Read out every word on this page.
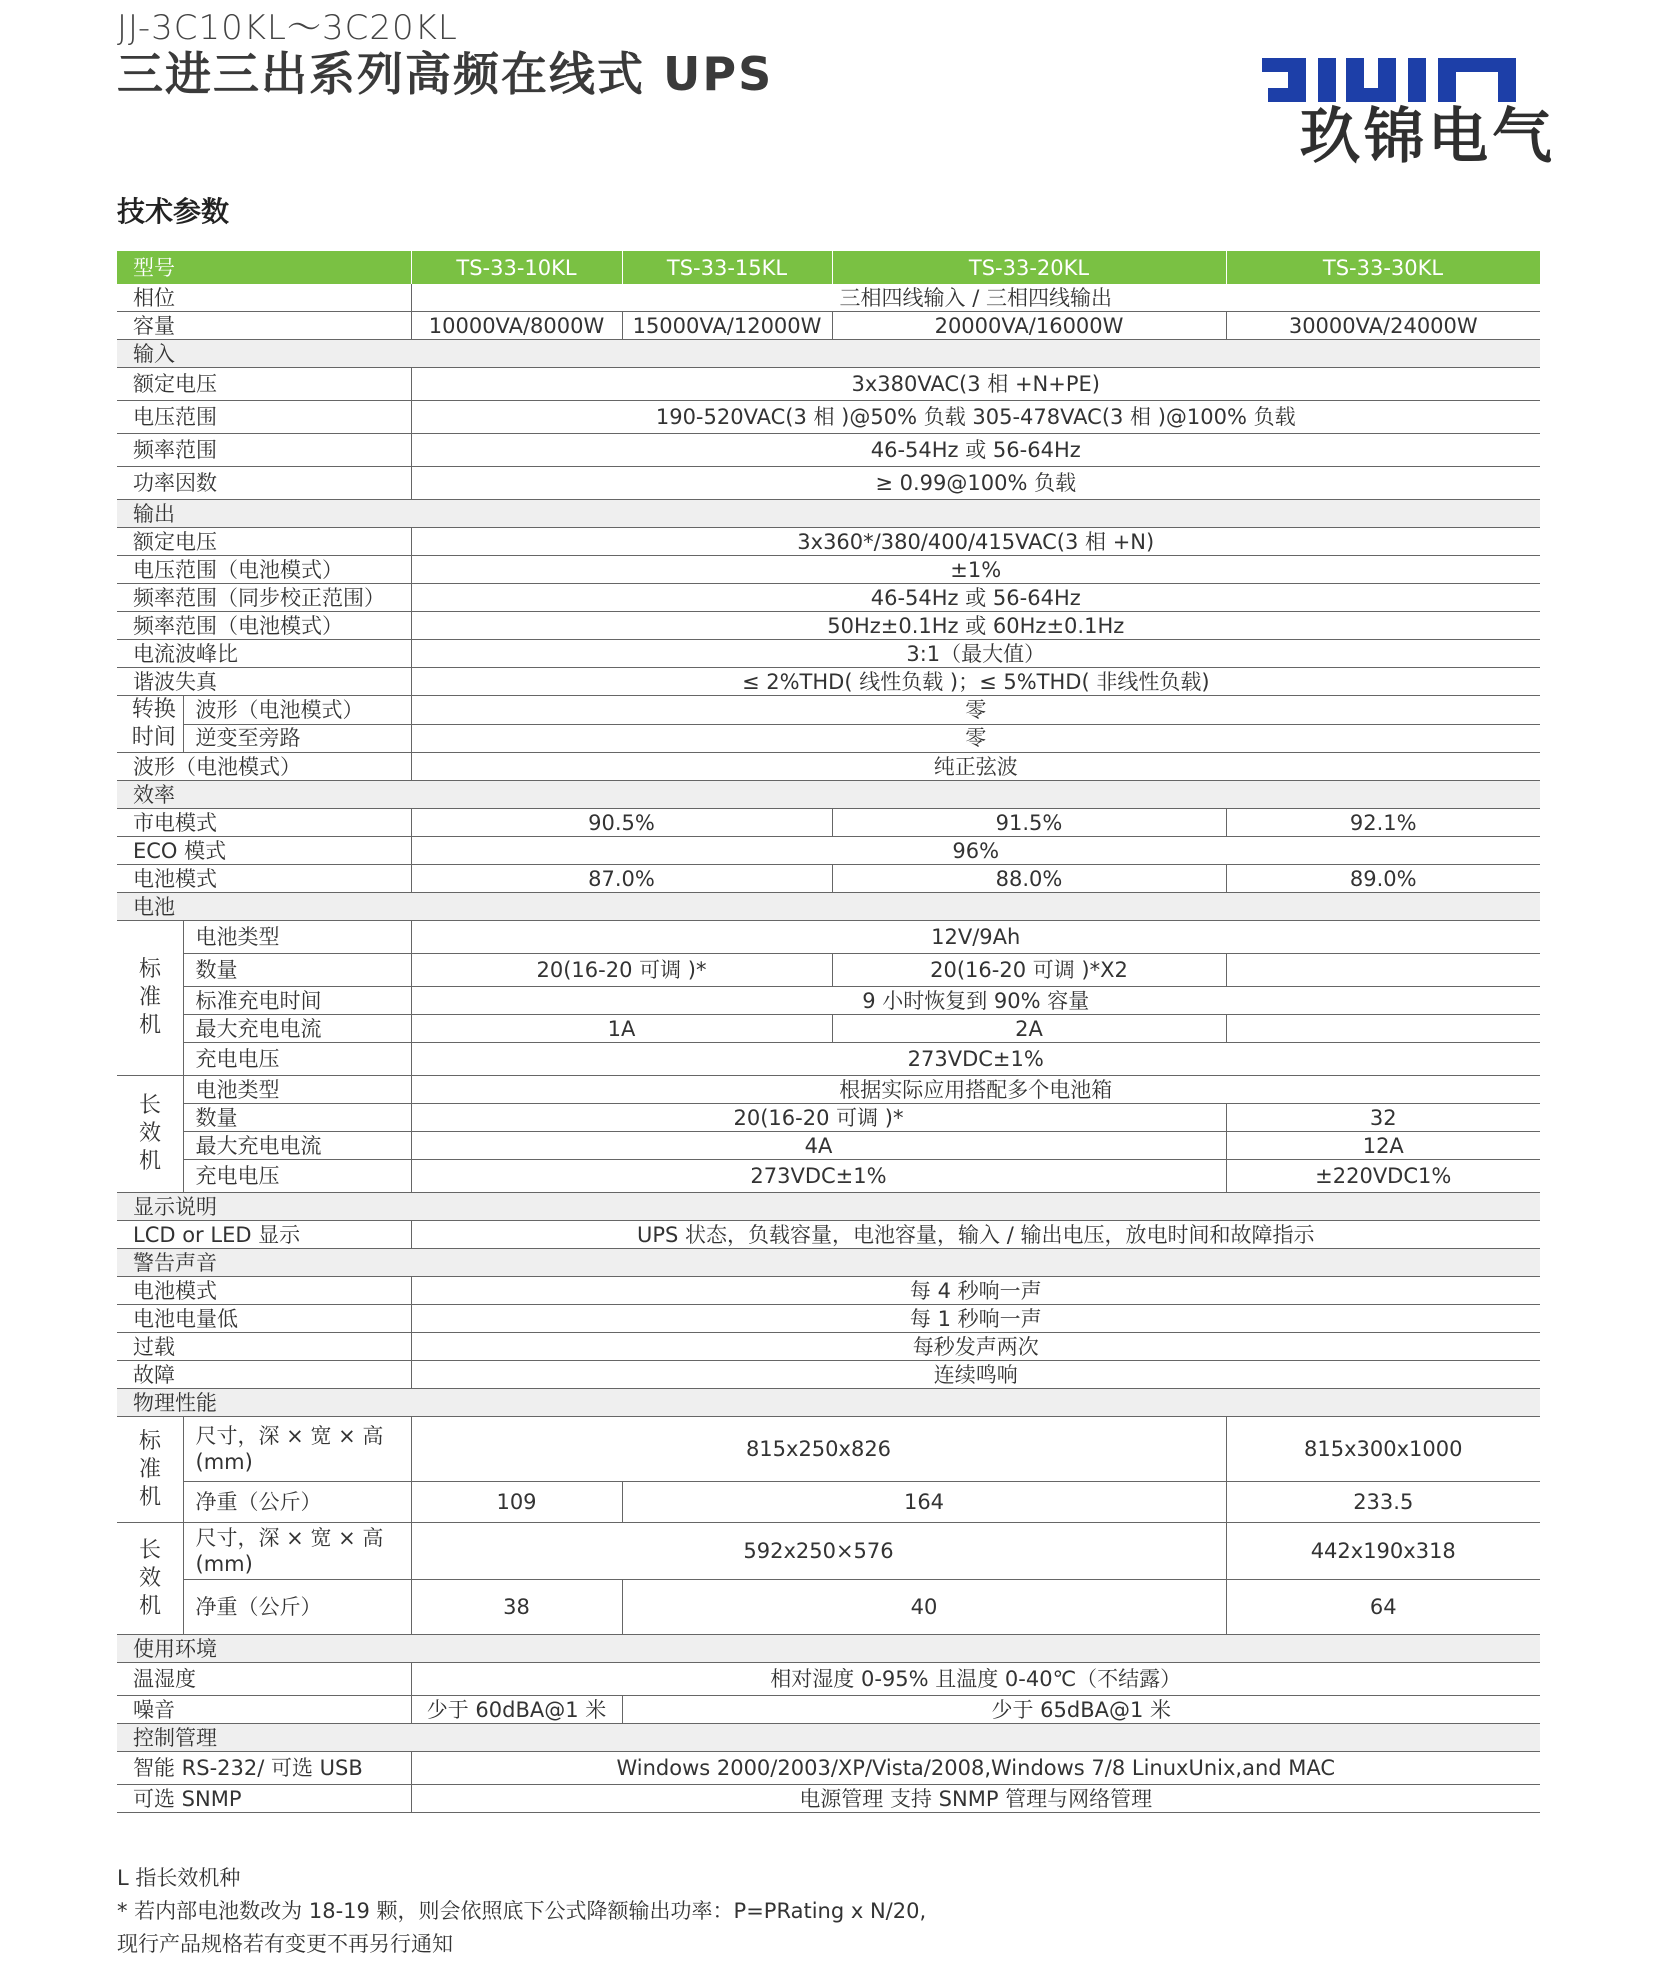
JJ-3C10KL～3C20KL
三进三出系列高频在线式 UPS
玖锦电气
技术参数
型号		TS-33-10KL	TS-33-15KL	TS-33-20KL	TS-33-30KL
相位		三相四线输入 / 三相四线输出			
容量		10000VA/8000W	15000VA/12000W	20000VA/16000W	30000VA/24000W
输入					
额定电压		3x380VAC(3 相 +N+PE)			
电压范围		190-520VAC(3 相 )@50% 负载 305-478VAC(3 相 )@100% 负载			
频率范围		46-54Hz 或 56-64Hz			
功率因数		≥ 0.99@100% 负载			
输出					
额定电压		3x360*/380/400/415VAC(3 相 +N)			
电压范围（电池模式）		±1%			
频率范围（同步校正范围）		46-54Hz 或 56-64Hz			
频率范围（电池模式）		50Hz±0.1Hz 或 60Hz±0.1Hz			
电流波峰比		3:1（最大值）			
谐波失真		≤ 2%THD( 线性负载 )；≤ 5%THD( 非线性负载)			
转换时间	波形（电池模式）	零			
	逆变至旁路	零			
波形（电池模式）		纯正弦波			
效率					
市电模式		90.5%		91.5%	92.1%
ECO 模式		96%			
电池模式		87.0%		88.0%	89.0%
电池					
标准机	电池类型	12V/9Ah			
	数量	20(16-20 可调 )*		20(16-20 可调 )*X2	
	标准充电时间	9 小时恢复到 90% 容量			
	最大充电电流	1A		2A	
	充电电压	273VDC±1%			
长效机	电池类型	根据实际应用搭配多个电池箱			
	数量	20(16-20 可调 )*			32
	最大充电电流	4A			12A
	充电电压	273VDC±1%			±220VDC1%
显示说明					
LCD or LED 显示		UPS 状态，负载容量，电池容量，输入 / 输出电压，放电时间和故障指示			
警告声音					
电池模式		每 4 秒响一声			
电池电量低		每 1 秒响一声			
过载		每秒发声两次			
故障		连续鸣响			
物理性能					
标准机	尺寸，深 × 宽 × 高(mm)	815x250x826			815x300x1000
	净重（公斤）	109	164		233.5
长效机	尺寸，深 × 宽 × 高(mm)	592x250×576			442x190x318
	净重（公斤）	38	40		64
使用环境					
温湿度		相对湿度 0-95% 且温度 0-40℃（不结露）			
噪音		少于 60dBA@1 米	少于 65dBA@1 米		
控制管理					
智能 RS-232/ 可选 USB		Windows 2000/2003/XP/Vista/2008,Windows 7/8 LinuxUnix,and MAC			
可选 SNMP		电源管理 支持 SNMP 管理与网络管理			
L 指长效机种
* 若内部电池数改为 18-19 颗，则会依照底下公式降额输出功率：P=PRating x N/20,
现行产品规格若有变更不再另行通知
